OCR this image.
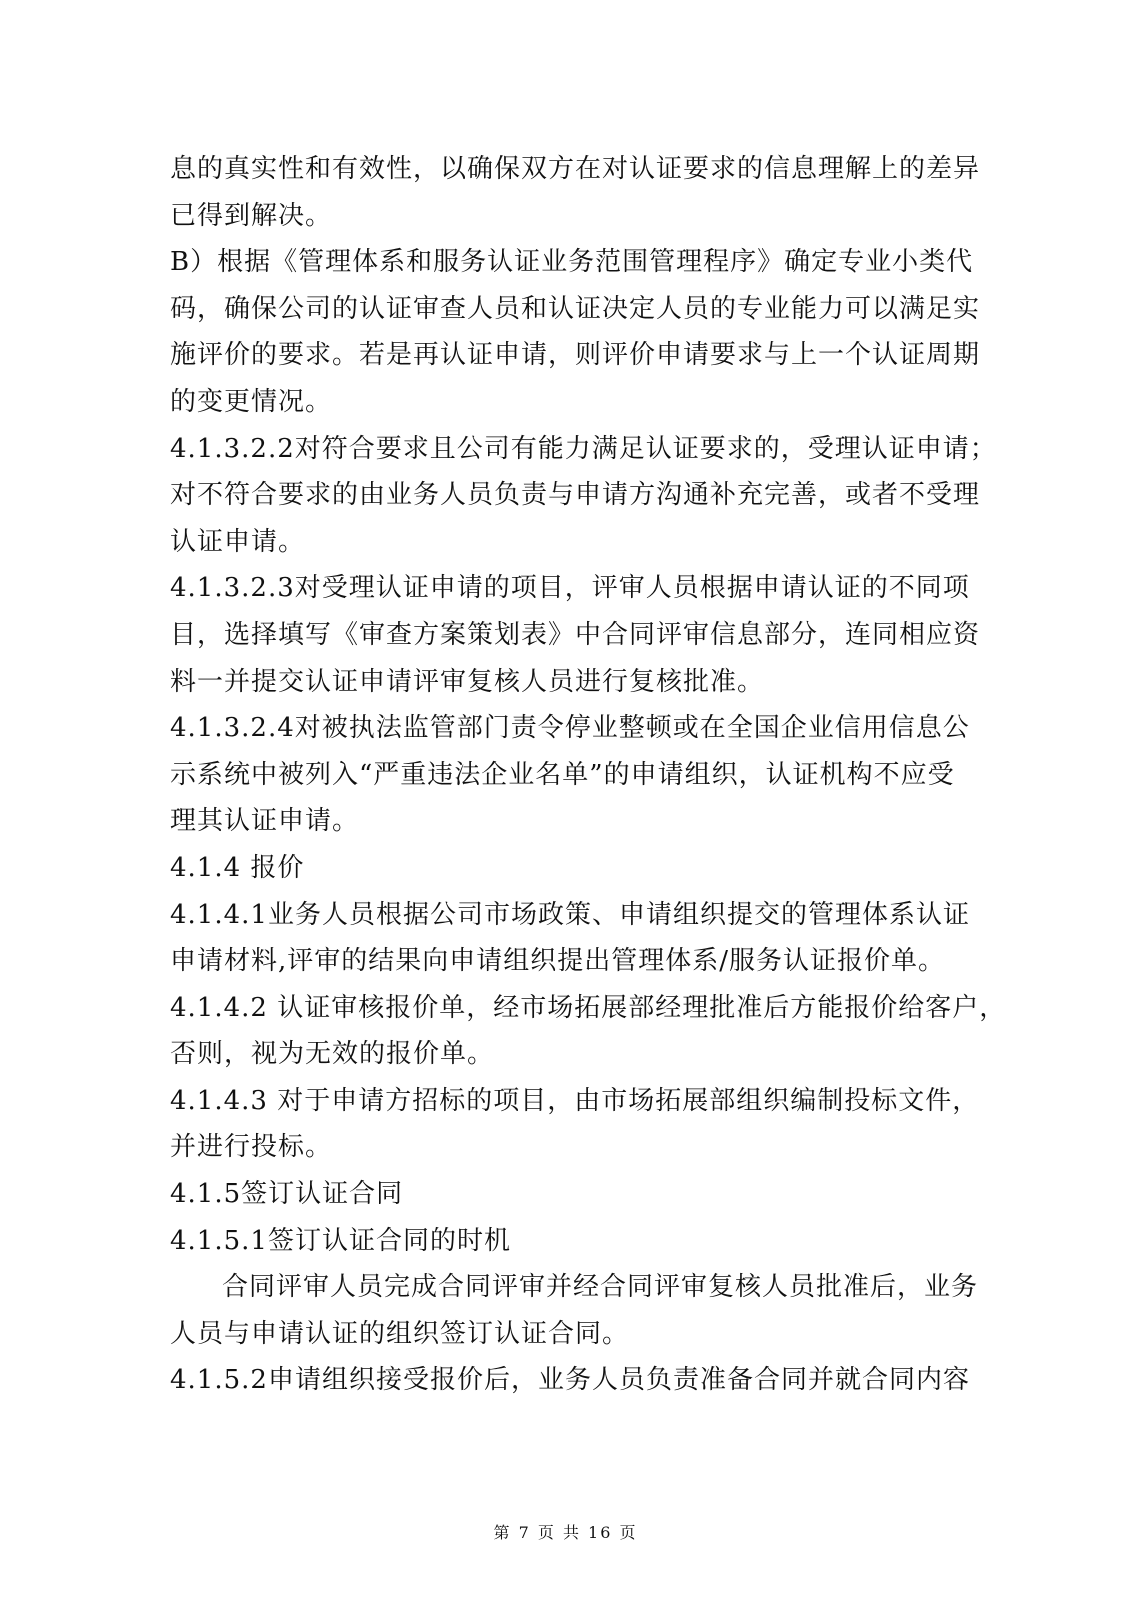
息的真实性和有效性，以确保双方在对认证要求的信息理解上的差异
已得到解决。
B）根据《管理体系和服务认证业务范围管理程序》确定专业小类代
码，确保公司的认证审查人员和认证决定人员的专业能力可以满足实
施评价的要求。若是再认证申请，则评价申请要求与上一个认证周期
的变更情况。
4.1.3.2.2对符合要求且公司有能力满足认证要求的，受理认证申请；
对不符合要求的由业务人员负责与申请方沟通补充完善，或者不受理
认证申请。
4.1.3.2.3对受理认证申请的项目，评审人员根据申请认证的不同项
目，选择填写《审查方案策划表》中合同评审信息部分，连同相应资
料一并提交认证申请评审复核人员进行复核批准。
4.1.3.2.4对被执法监管部门责令停业整顿或在全国企业信用信息公
示系统中被列入“严重违法企业名单”的申请组织，认证机构不应受
理其认证申请。
4.1.4 报价
4.1.4.1业务人员根据公司市场政策、申请组织提交的管理体系认证
申请材料,评审的结果向申请组织提出管理体系/服务认证报价单。
4.1.4.2 认证审核报价单，经市场拓展部经理批准后方能报价给客户，
否则，视为无效的报价单。
4.1.4.3 对于申请方招标的项目，由市场拓展部组织编制投标文件，
并进行投标。
4.1.5签订认证合同
4.1.5.1签订认证合同的时机
合同评审人员完成合同评审并经合同评审复核人员批准后，业务
人员与申请认证的组织签订认证合同。
4.1.5.2申请组织接受报价后，业务人员负责准备合同并就合同内容
第 7 页 共 16 页
